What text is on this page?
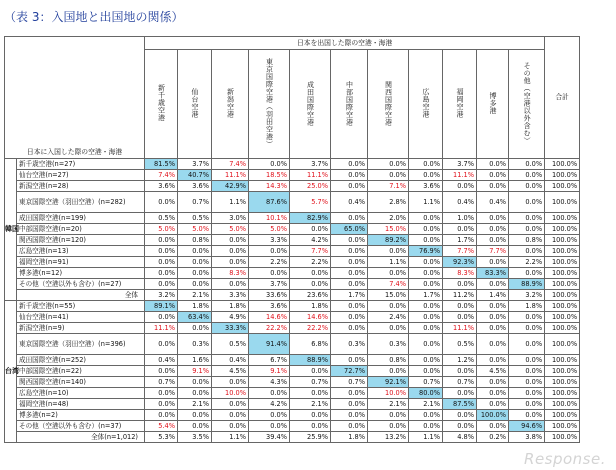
（表 3：入国地と出国地の関係）
日本に入国した際の空港・海港		日本を出国した際の空港・海港											合計
		新千歳空港	仙台空港	新潟空港	東京国際空港（羽田空港）	成田国際空港	中部国際空港	関西国際空港	広島空港	福岡空港	博多港	その他（空港以外含む）	
韓国	新千歳空港(n=27)	81.5%	3.7%	7.4%	0.0%	3.7%	0.0%	0.0%	0.0%	3.7%	0.0%	0.0%	100.0%
	仙台空港(n=27)	7.4%	40.7%	11.1%	18.5%	11.1%	0.0%	0.0%	0.0%	11.1%	0.0%	0.0%	100.0%
	新潟空港(n=28)	3.6%	3.6%	42.9%	14.3%	25.0%	0.0%	7.1%	3.6%	0.0%	0.0%	0.0%	100.0%
	東京国際空港（羽田空港）(n=282)	0.0%	0.7%	1.1%	87.6%	5.7%	0.4%	2.8%	1.1%	0.4%	0.4%	0.0%	100.0%
	成田国際空港(n=199)	0.5%	0.5%	3.0%	10.1%	82.9%	0.0%	2.0%	0.0%	1.0%	0.0%	0.0%	100.0%
	中部国際空港(n=20)	5.0%	5.0%	5.0%	5.0%	0.0%	65.0%	15.0%	0.0%	0.0%	0.0%	0.0%	100.0%
	関西国際空港(n=120)	0.0%	0.8%	0.0%	3.3%	4.2%	0.0%	89.2%	0.0%	1.7%	0.0%	0.8%	100.0%
	広島空港(n=13)	0.0%	0.0%	0.0%	0.0%	7.7%	0.0%	0.0%	76.9%	7.7%	7.7%	0.0%	100.0%
	福岡空港(n=91)	0.0%	0.0%	0.0%	2.2%	2.2%	0.0%	1.1%	0.0%	92.3%	0.0%	2.2%	100.0%
	博多港(n=12)	0.0%	0.0%	8.3%	0.0%	0.0%	0.0%	0.0%	0.0%	8.3%	83.3%	0.0%	100.0%
	その他（空港以外も含む）(n=27)	0.0%	0.0%	0.0%	3.7%	0.0%	0.0%	7.4%	0.0%	0.0%	0.0%	88.9%	100.0%
	全体	3.2%	2.1%	3.3%	33.6%	23.6%	1.7%	15.0%	1.7%	11.2%	1.4%	3.2%	100.0%
台湾	新千歳空港(n=55)	89.1%	1.8%	1.8%	3.6%	1.8%	0.0%	0.0%	0.0%	0.0%	0.0%	1.8%	100.0%
	仙台空港(n=41)	0.0%	63.4%	4.9%	14.6%	14.6%	0.0%	2.4%	0.0%	0.0%	0.0%	0.0%	100.0%
	新潟空港(n=9)	11.1%	0.0%	33.3%	22.2%	22.2%	0.0%	0.0%	0.0%	11.1%	0.0%	0.0%	100.0%
	東京国際空港（羽田空港）(n=396)	0.0%	0.3%	0.5%	91.4%	6.8%	0.3%	0.3%	0.0%	0.5%	0.0%	0.0%	100.0%
	成田国際空港(n=252)	0.4%	1.6%	0.4%	6.7%	88.9%	0.0%	0.8%	0.0%	1.2%	0.0%	0.0%	100.0%
	中部国際空港(n=22)	0.0%	9.1%	4.5%	9.1%	0.0%	72.7%	0.0%	0.0%	0.0%	4.5%	0.0%	100.0%
	関西国際空港(n=140)	0.7%	0.0%	0.0%	4.3%	0.7%	0.7%	92.1%	0.7%	0.7%	0.0%	0.0%	100.0%
	広島空港(n=10)	0.0%	0.0%	10.0%	0.0%	0.0%	0.0%	10.0%	80.0%	0.0%	0.0%	0.0%	100.0%
	福岡空港(n=48)	0.0%	2.1%	0.0%	4.2%	2.1%	0.0%	2.1%	2.1%	87.5%	0.0%	0.0%	100.0%
	博多港(n=2)	0.0%	0.0%	0.0%	0.0%	0.0%	0.0%	0.0%	0.0%	0.0%	100.0%	0.0%	100.0%
	その他（空港以外も含む）(n=37)	5.4%	0.0%	0.0%	0.0%	0.0%	0.0%	0.0%	0.0%	0.0%	0.0%	94.6%	100.0%
	全体(n=1,012)	5.3%	3.5%	1.1%	39.4%	25.9%	1.8%	13.2%	1.1%	4.8%	0.2%	3.8%	100.0%
Response.
